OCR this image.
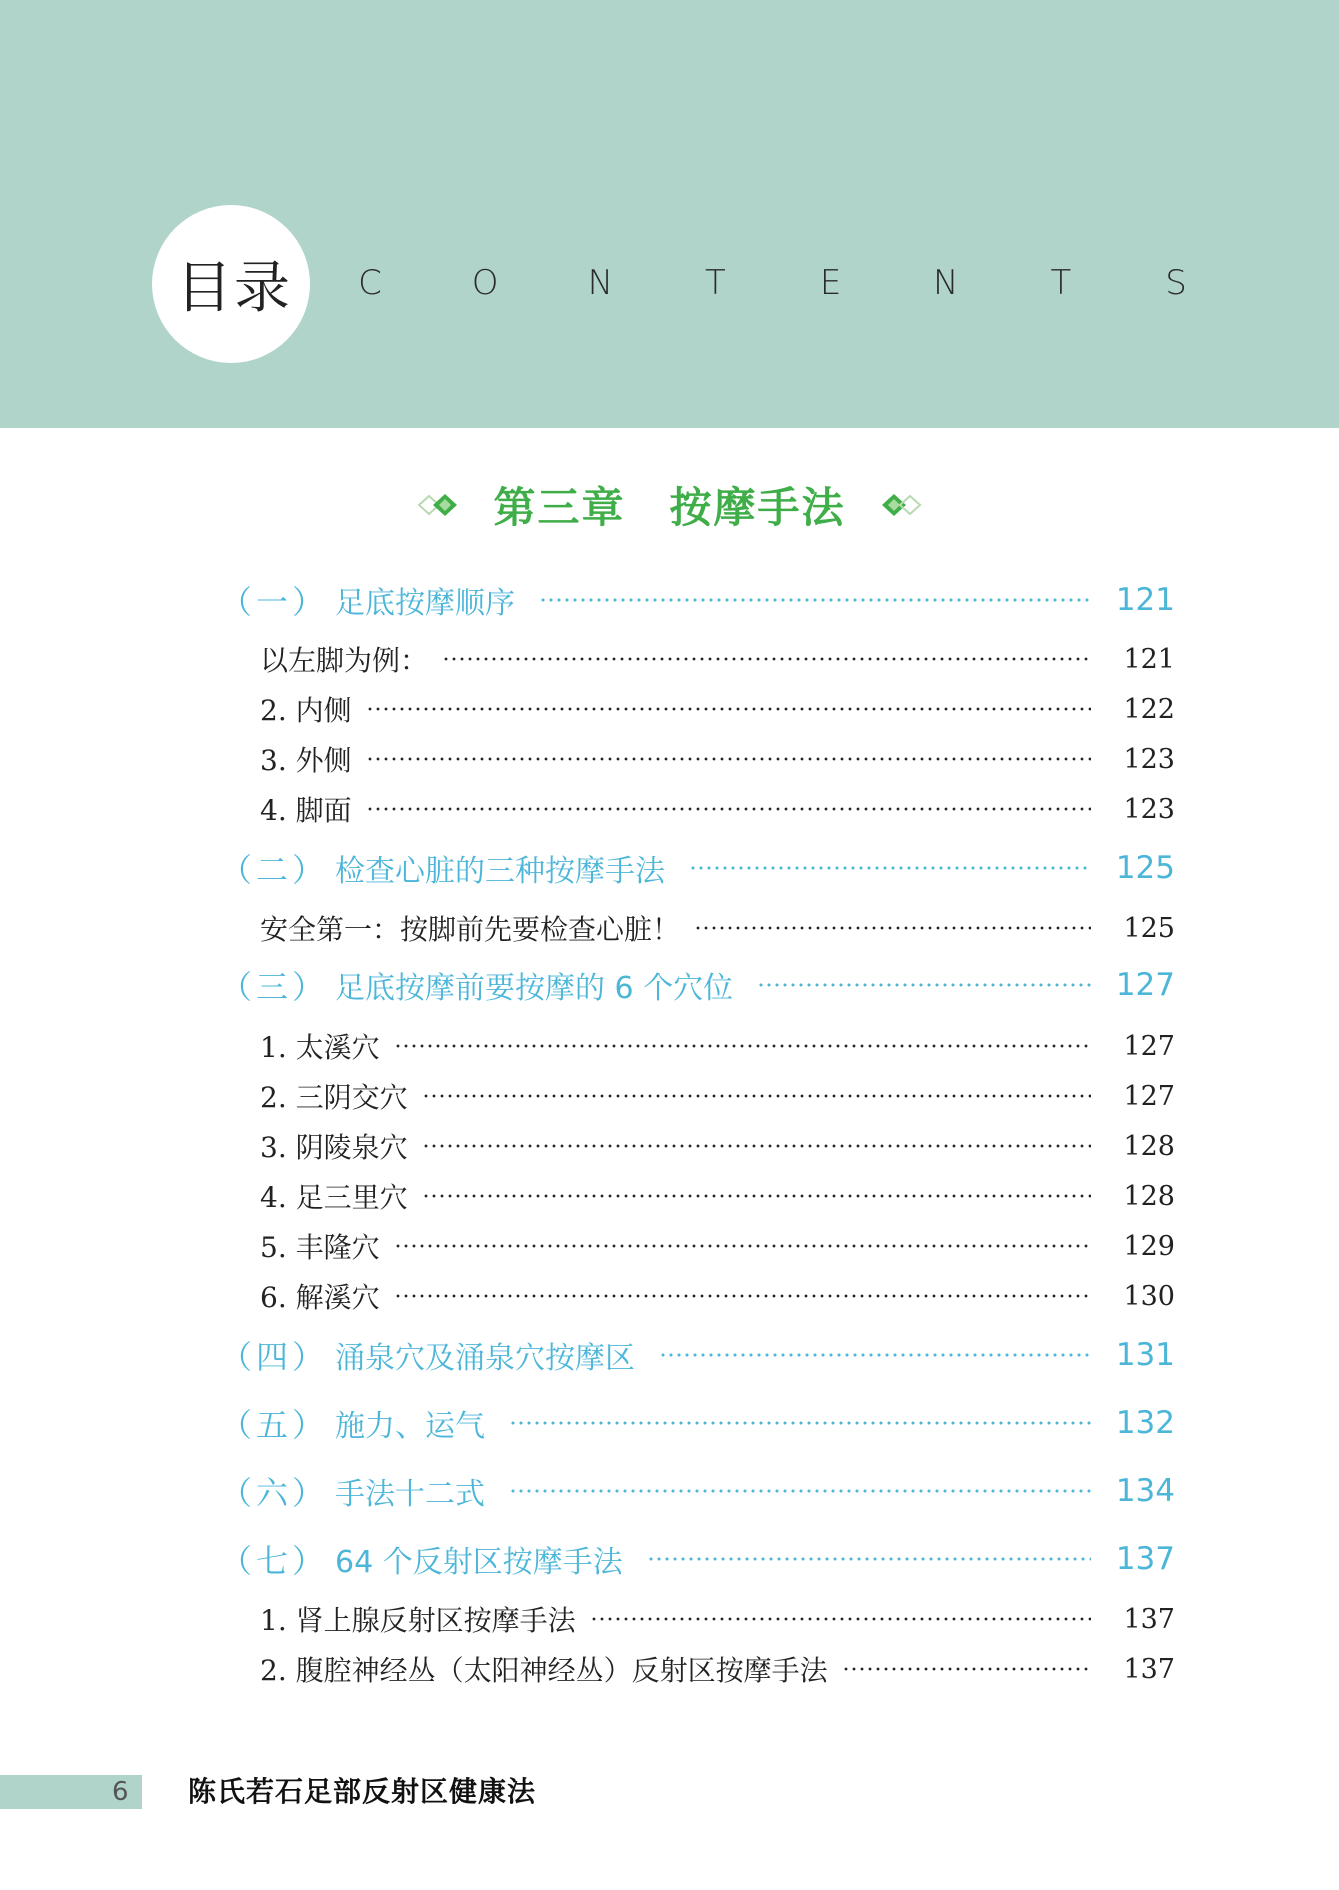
目录 C	O	N	T	E	N	T	S
第三章　按摩手法
（一） 足底按摩顺序	121
以左脚为例：	121
2. 内侧	122
3. 外侧	123
4. 脚面	123
（二） 检查心脏的三种按摩手法	125
安全第一：按脚前先要检查心脏！	125
（三） 足底按摩前要按摩的 6 个穴位	127
1. 太溪穴	127
2. 三阴交穴	127
3. 阴陵泉穴	128
4. 足三里穴	128
5. 丰隆穴	129
6. 解溪穴	130
（四） 涌泉穴及涌泉穴按摩区	131
（五） 施力、运气	132
（六） 手法十二式	134
（七） 64 个反射区按摩手法	137
1. 肾上腺反射区按摩手法	137
2. 腹腔神经丛（太阳神经丛）反射区按摩手法	137
6	陈氏若石足部反射区健康法
